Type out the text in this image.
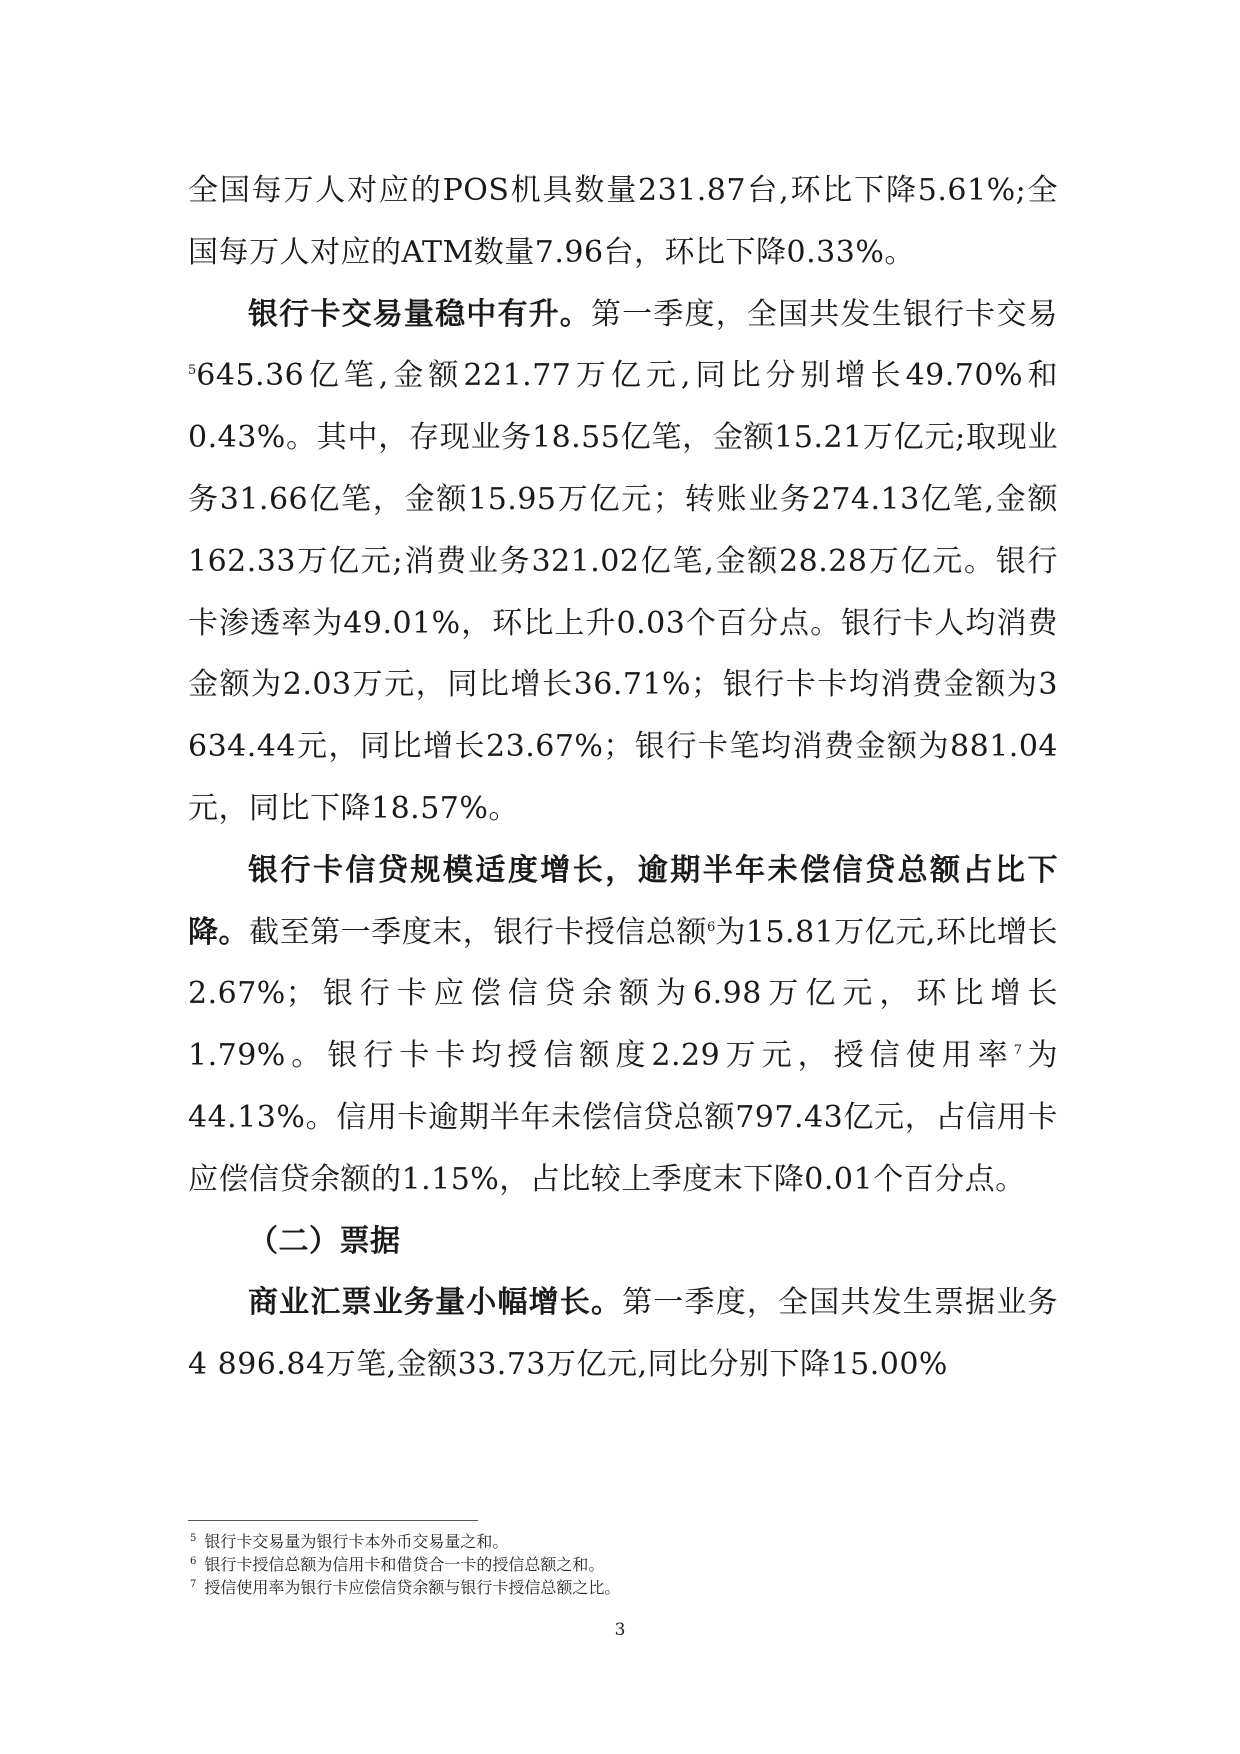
全国每万人对应的POS机具数量231.87台,环比下降5.61%;全国每万人对应的ATM数量7.96台，环比下降0.33%。

银行卡交易量稳中有升。第一季度，全国共发生银行卡交易$^5$645.36亿笔,金额221.77万亿元,同比分别增长49.70%和0.43%。其中，存现业务18.55亿笔，金额15.21万亿元;取现业务31.66亿笔，金额15.95万亿元；转账业务274.13亿笔,金额162.33万亿元;消费业务321.02亿笔,金额28.28万亿元。银行卡渗透率为49.01%，环比上升0.03个百分点。银行卡人均消费金额为2.03万元，同比增长36.71%；银行卡卡均消费金额为3 634.44元，同比增长23.67%；银行卡笔均消费金额为881.04元，同比下降18.57%。

银行卡信贷规模适度增长，逾期半年未偿信贷总额占比下降。截至第一季度末，银行卡授信总额$^6$为15.81万亿元,环比增长2.67%；银行卡应偿信贷余额为6.98万亿元，环比增长1.79%。银行卡卡均授信额度2.29万元，授信使用率$^7$为44.13%。信用卡逾期半年未偿信贷总额797.43亿元，占信用卡应偿信贷余额的1.15%，占比较上季度末下降0.01个百分点。

（二）票据

商业汇票业务量小幅增长。第一季度，全国共发生票据业务4 896.84万笔,金额33.73万亿元,同比分别下降15.00%

$^5$ 银行卡交易量为银行卡本外币交易量之和。

$^6$ 银行卡授信总额为信用卡和借贷合一卡的授信总额之和。

$^7$ 授信使用率为银行卡应偿信贷余额与银行卡授信总额之比。

3
